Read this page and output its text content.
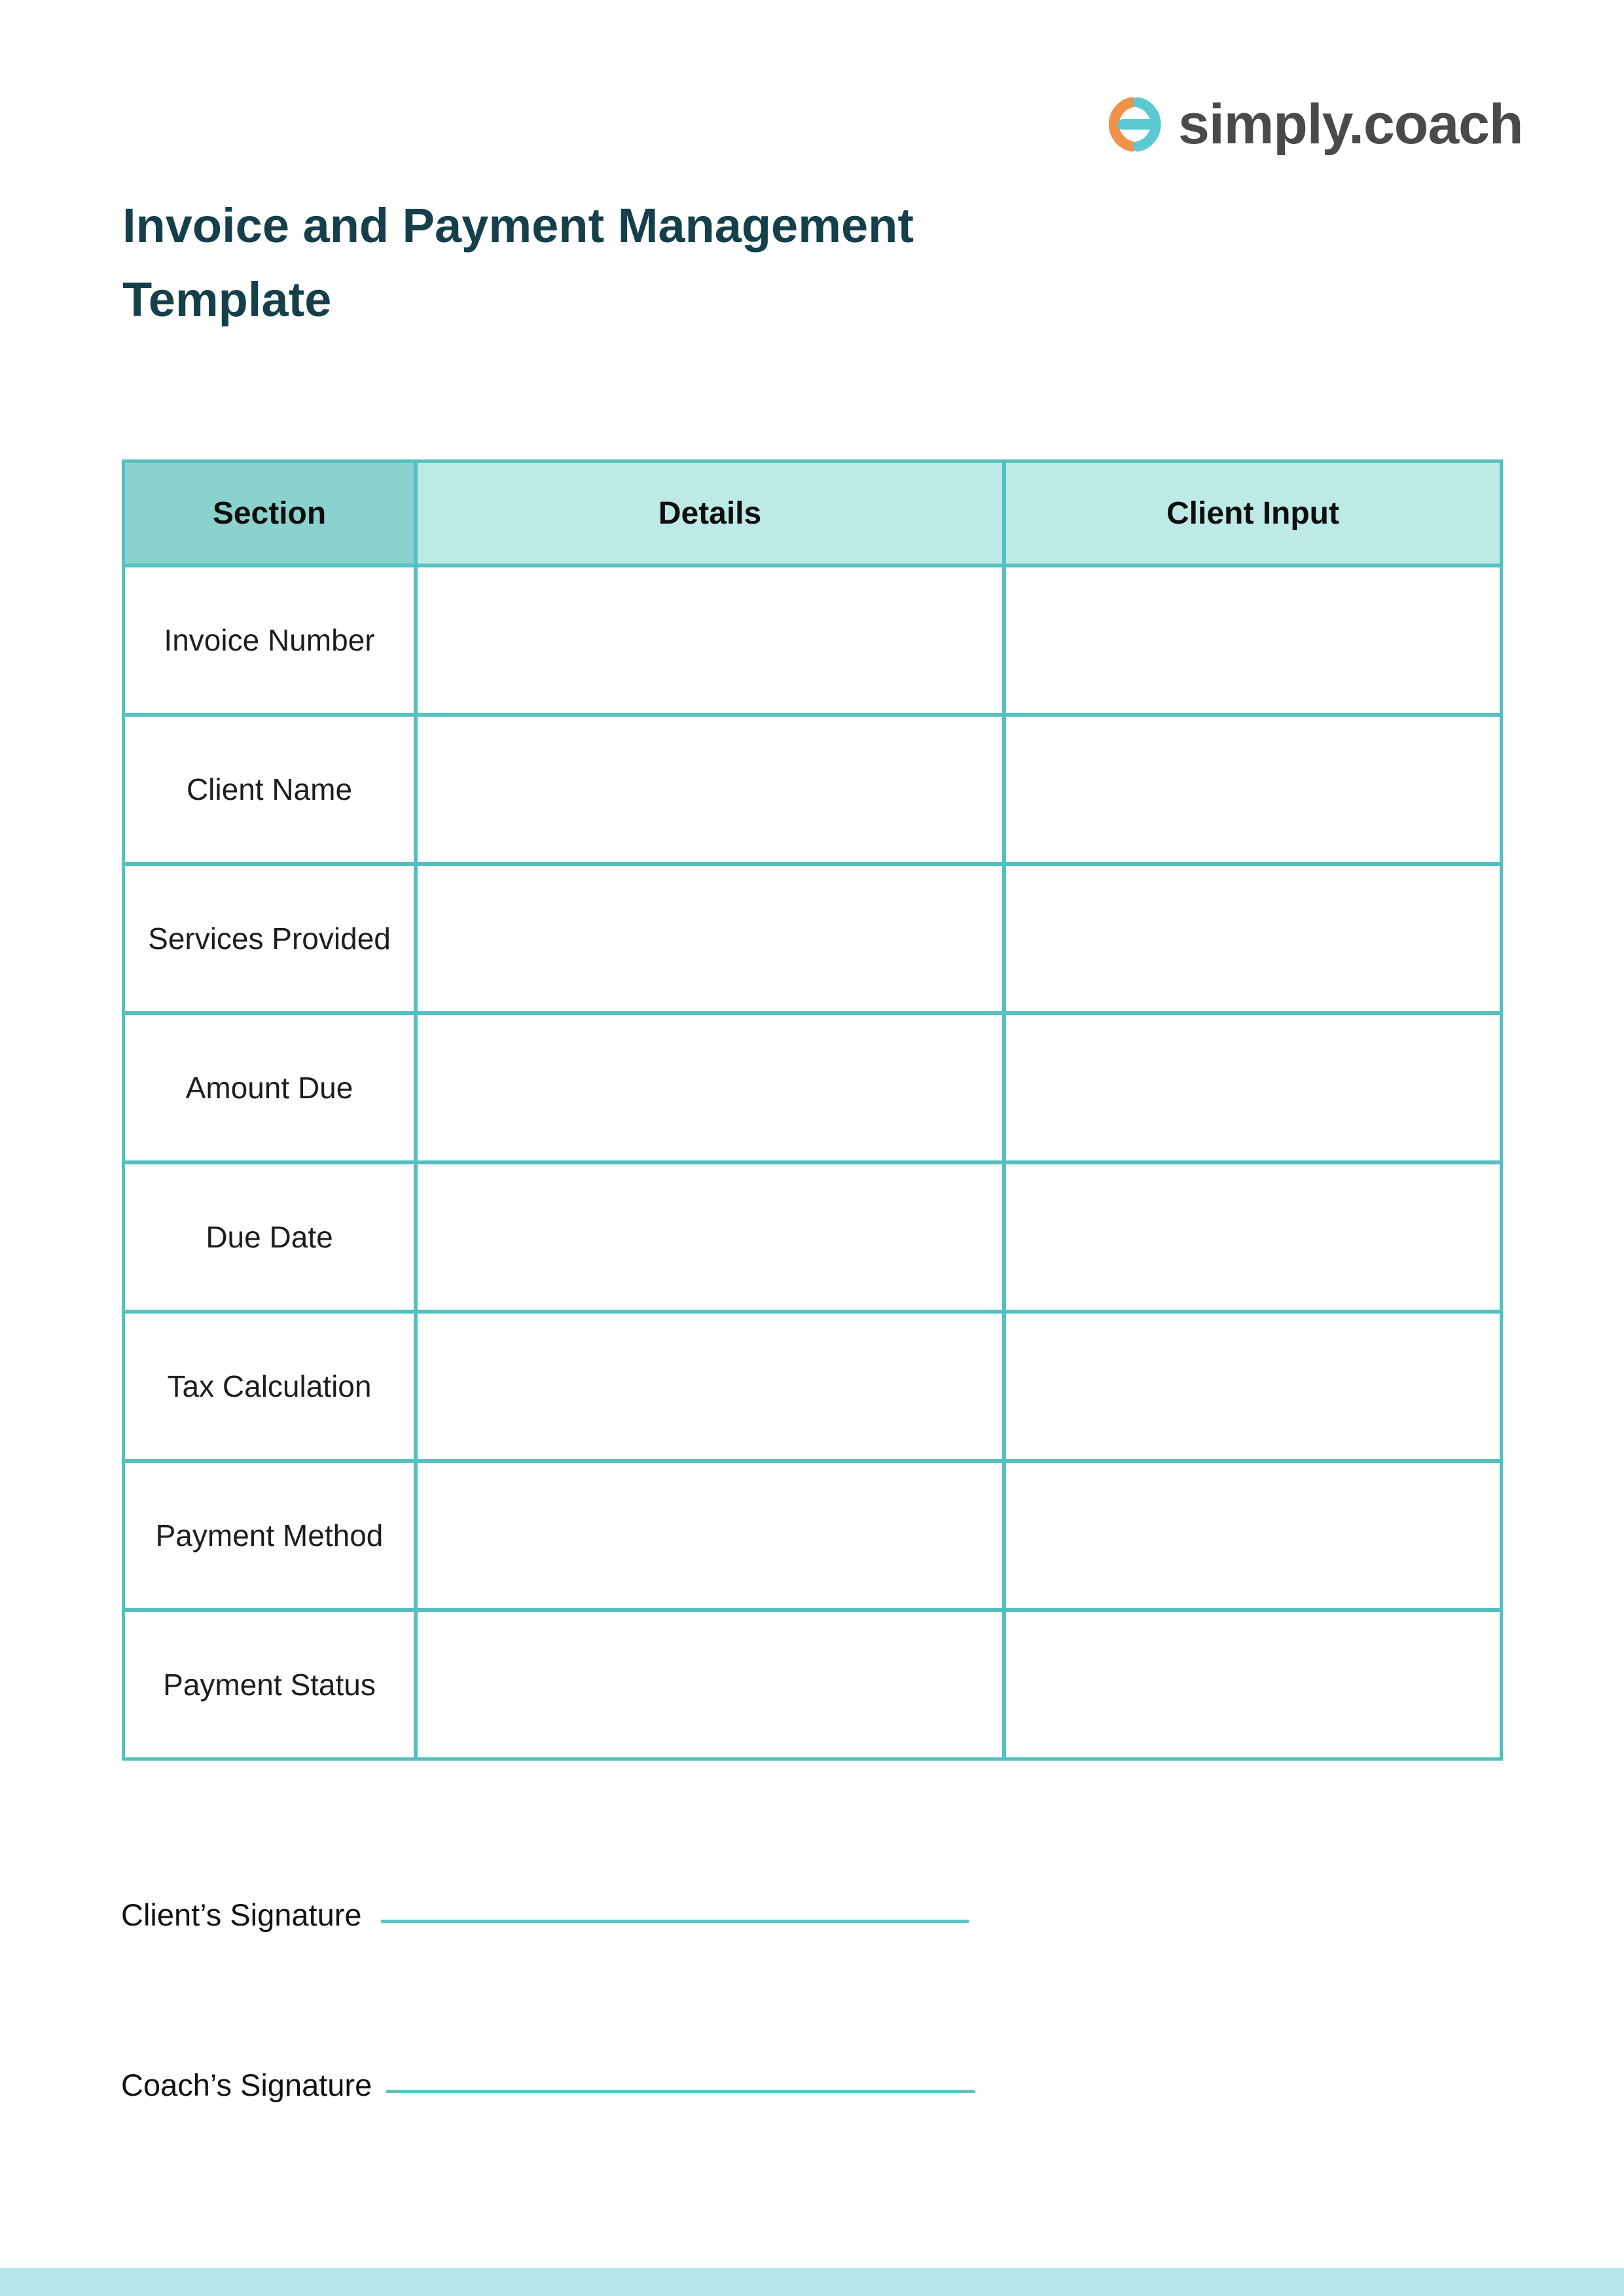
simply.coach
Invoice and Payment Management
Template
Section	Details	Client Input
Invoice Number
Client Name
Services Provided
Amount Due
Due Date
Tax Calculation
Payment Method
Payment Status
Client’s Signature
Coach’s Signature
